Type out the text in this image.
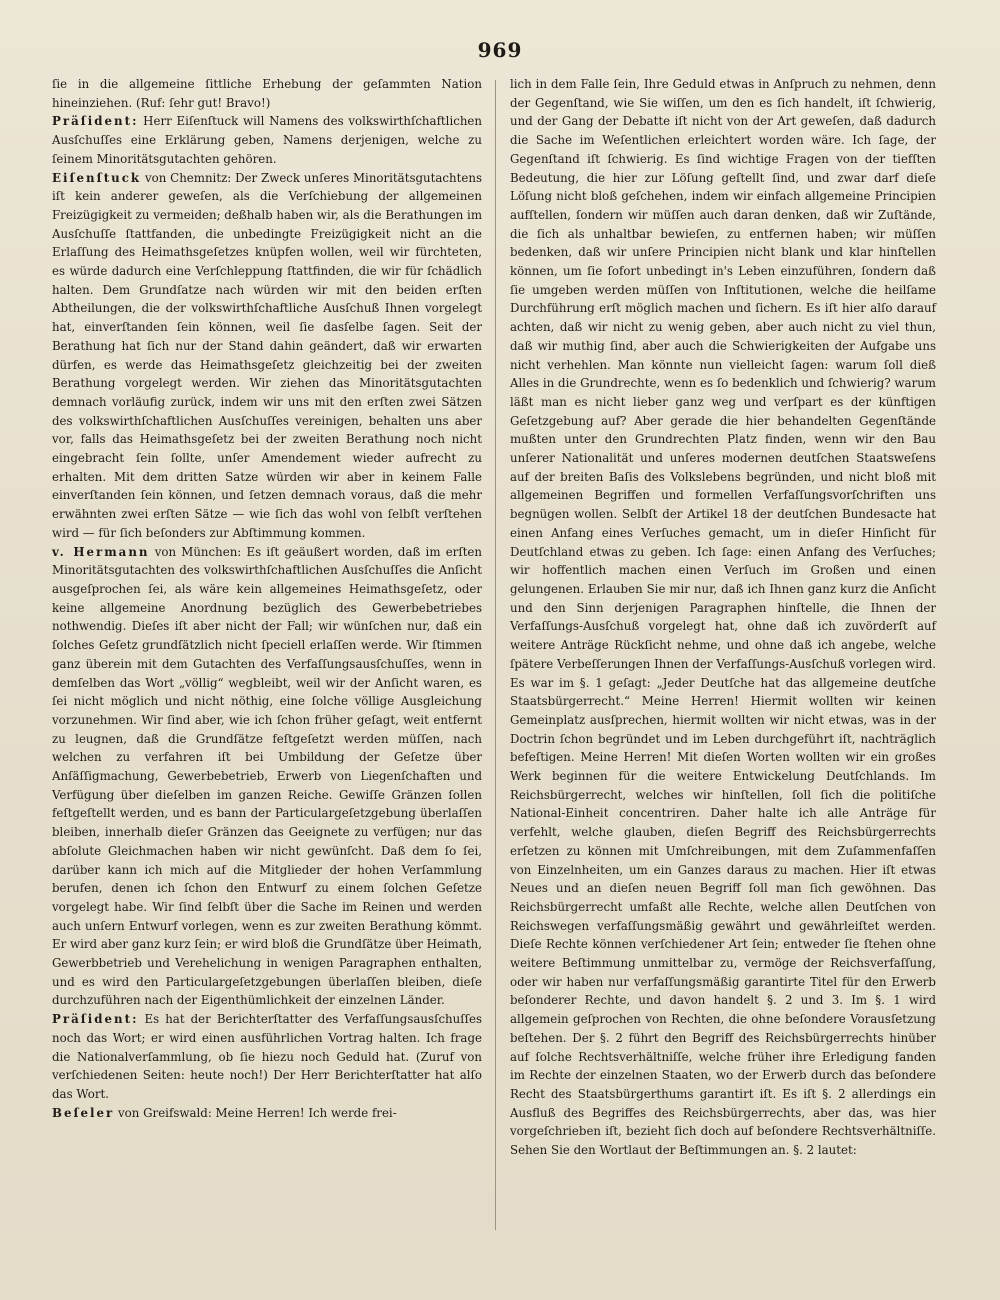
969

ſie in die allgemeine ſittliche Erhebung der geſammten Nation hineinziehen. (Ruf: ſehr gut! Bravo!)

Präſident: Herr Eiſenſtuck will Namens des volkswirthſchaftlichen Ausſchuſſes eine Erklärung geben, Namens derjenigen, welche zu ſeinem Minoritätsgutachten gehören.

Eiſenſtuck von Chemnitz: Der Zweck unſeres Minoritätsgutachtens iſt kein anderer geweſen, als die Verſchiebung der allgemeinen Freizügigkeit zu vermeiden; deßhalb haben wir, als die Berathungen im Ausſchuſſe ſtattfanden, die unbedingte Freizügigkeit nicht an die Erlaſſung des Heimathsgeſetzes knüpfen wollen, weil wir fürchteten, es würde dadurch eine Verſchleppung ſtattfinden, die wir für ſchädlich halten. Dem Grundſatze nach würden wir mit den beiden erſten Abtheilungen, die der volkswirthſchaftliche Ausſchuß Ihnen vorgelegt hat, einverſtanden ſein können, weil ſie dasſelbe ſagen. Seit der Berathung hat ſich nur der Stand dahin geändert, daß wir erwarten dürfen, es werde das Heimathsgeſetz gleichzeitig bei der zweiten Berathung vorgelegt werden. Wir ziehen das Minoritätsgutachten demnach vorläufig zurück, indem wir uns mit den erſten zwei Sätzen des volkswirthſchaftlichen Ausſchuſſes vereinigen, behalten uns aber vor, falls das Heimathsgeſetz bei der zweiten Berathung noch nicht eingebracht ſein ſollte, unſer Amendement wieder aufrecht zu erhalten. Mit dem dritten Satze würden wir aber in keinem Falle einverſtanden ſein können, und ſetzen demnach voraus, daß die mehr erwähnten zwei erſten Sätze — wie ſich das wohl von ſelbſt verſtehen wird — für ſich beſonders zur Abſtimmung kommen.

v. Hermann von München: Es iſt geäußert worden, daß im erſten Minoritätsgutachten des volkswirthſchaftlichen Ausſchuſſes die Anſicht ausgeſprochen ſei, als wäre kein allgemeines Heimathsgeſetz, oder keine allgemeine Anordnung bezüglich des Gewerbebetriebes nothwendig. Dieſes iſt aber nicht der Fall; wir wünſchen nur, daß ein ſolches Geſetz grundſätzlich nicht ſpeciell erlaſſen werde. Wir ſtimmen ganz überein mit dem Gutachten des Verfaſſungsausſchuſſes, wenn in demſelben das Wort „völlig“ wegbleibt, weil wir der Anſicht waren, es ſei nicht möglich und nicht nöthig, eine ſolche völlige Ausgleichung vorzunehmen. Wir ſind aber, wie ich ſchon früher geſagt, weit entfernt zu leugnen, daß die Grundſätze feſtgeſetzt werden müſſen, nach welchen zu verfahren iſt bei Umbildung der Geſetze über Anſäſſigmachung, Gewerbebetrieb, Erwerb von Liegenſchaften und Verfügung über dieſelben im ganzen Reiche. Gewiſſe Gränzen ſollen feſtgeſtellt werden, und es bann der Particulargeſetzgebung überlaſſen bleiben, innerhalb dieſer Gränzen das Geeignete zu verfügen; nur das abſolute Gleichmachen haben wir nicht gewünſcht. Daß dem ſo ſei, darüber kann ich mich auf die Mitglieder der hohen Verſammlung berufen, denen ich ſchon den Entwurf zu einem ſolchen Geſetze vorgelegt habe. Wir ſind ſelbſt über die Sache im Reinen und werden auch unſern Entwurf vorlegen, wenn es zur zweiten Berathung kömmt. Er wird aber ganz kurz ſein; er wird bloß die Grundſätze über Heimath, Gewerbbetrieb und Verehelichung in wenigen Paragraphen enthalten, und es wird den Particulargeſetzgebungen überlaſſen bleiben, dieſe durchzuführen nach der Eigenthümlichkeit der einzelnen Länder.

Präſident: Es hat der Berichterſtatter des Verfaſſungsausſchuſſes noch das Wort; er wird einen ausführlichen Vortrag halten. Ich frage die Nationalverſammlung, ob ſie hiezu noch Geduld hat. (Zuruf von verſchiedenen Seiten: heute noch!) Der Herr Berichterſtatter hat alſo das Wort.

Beſeler von Greifswald: Meine Herren! Ich werde frei-

lich in dem Falle ſein, Ihre Geduld etwas in Anſpruch zu nehmen, denn der Gegenſtand, wie Sie wiſſen, um den es ſich handelt, iſt ſchwierig, und der Gang der Debatte iſt nicht von der Art geweſen, daß dadurch die Sache im Weſentlichen erleichtert worden wäre. Ich ſage, der Gegenſtand iſt ſchwierig. Es ſind wichtige Fragen von der tiefſten Bedeutung, die hier zur Löſung geſtellt ſind, und zwar darf dieſe Löſung nicht bloß geſchehen, indem wir einfach allgemeine Principien aufſtellen, ſondern wir müſſen auch daran denken, daß wir Zuſtände, die ſich als unhaltbar bewieſen, zu entfernen haben; wir müſſen bedenken, daß wir unſere Principien nicht blank und klar hinſtellen können, um ſie ſofort unbedingt in's Leben einzuführen, ſondern daß ſie umgeben werden müſſen von Inſtitutionen, welche die heilſame Durchführung erſt möglich machen und ſichern. Es iſt hier alſo darauf achten, daß wir nicht zu wenig geben, aber auch nicht zu viel thun, daß wir muthig ſind, aber auch die Schwierigkeiten der Aufgabe uns nicht verhehlen. Man könnte nun vielleicht ſagen: warum ſoll dieß Alles in die Grundrechte, wenn es ſo bedenklich und ſchwierig? warum läßt man es nicht lieber ganz weg und verſpart es der künftigen Geſetzgebung auf? Aber gerade die hier behandelten Gegenſtände mußten unter den Grundrechten Platz finden, wenn wir den Bau unſerer Nationalität und unſeres modernen deutſchen Staatsweſens auf der breiten Baſis des Volkslebens begründen, und nicht bloß mit allgemeinen Begriffen und formellen Verfaſſungsvorſchriften uns begnügen wollen. Selbſt der Artikel 18 der deutſchen Bundesacte hat einen Anfang eines Verſuches gemacht, um in dieſer Hinſicht für Deutſchland etwas zu geben. Ich ſage: einen Anfang des Verſuches; wir hoffentlich machen einen Verſuch im Großen und einen gelungenen. Erlauben Sie mir nur, daß ich Ihnen ganz kurz die Anſicht und den Sinn derjenigen Paragraphen hinſtelle, die Ihnen der Verfaſſungs-Ausſchuß vorgelegt hat, ohne daß ich zuvörderſt auf weitere Anträge Rückſicht nehme, und ohne daß ich angebe, welche ſpätere Verbeſſerungen Ihnen der Verfaſſungs-Ausſchuß vorlegen wird. Es war im §. 1 geſagt: „Jeder Deutſche hat das allgemeine deutſche Staatsbürgerrecht.“ Meine Herren! Hiermit wollten wir keinen Gemeinplatz ausſprechen, hiermit wollten wir nicht etwas, was in der Doctrin ſchon begründet und im Leben durchgeführt iſt, nachträglich befeſtigen. Meine Herren! Mit dieſen Worten wollten wir ein großes Werk beginnen für die weitere Entwickelung Deutſchlands. Im Reichsbürgerrecht, welches wir hinſtellen, ſoll ſich die politiſche National-Einheit concentriren. Daher halte ich alle Anträge für verfehlt, welche glauben, dieſen Begriff des Reichsbürgerrechts erſetzen zu können mit Umſchreibungen, mit dem Zuſammenfaſſen von Einzelnheiten, um ein Ganzes daraus zu machen. Hier iſt etwas Neues und an dieſen neuen Begriff ſoll man ſich gewöhnen. Das Reichsbürgerrecht umfaßt alle Rechte, welche allen Deutſchen von Reichswegen verfaſſungsmäßig gewährt und gewährleiſtet werden. Dieſe Rechte können verſchiedener Art ſein; entweder ſie ſtehen ohne weitere Beſtimmung unmittelbar zu, vermöge der Reichsverfaſſung, oder wir haben nur verfaſſungsmäßig garantirte Titel für den Erwerb beſonderer Rechte, und davon handelt §. 2 und 3. Im §. 1 wird allgemein geſprochen von Rechten, die ohne beſondere Vorausſetzung beſtehen. Der §. 2 führt den Begriff des Reichsbürgerrechts hinüber auf ſolche Rechtsverhältniſſe, welche früher ihre Erledigung fanden im Rechte der einzelnen Staaten, wo der Erwerb durch das beſondere Recht des Staatsbürgerthums garantirt iſt. Es iſt §. 2 allerdings ein Ausfluß des Begriffes des Reichsbürgerrechts, aber das, was hier vorgeſchrieben iſt, bezieht ſich doch auf beſondere Rechtsverhältniſſe. Sehen Sie den Wortlaut der Beſtimmungen an. §. 2 lautet:
